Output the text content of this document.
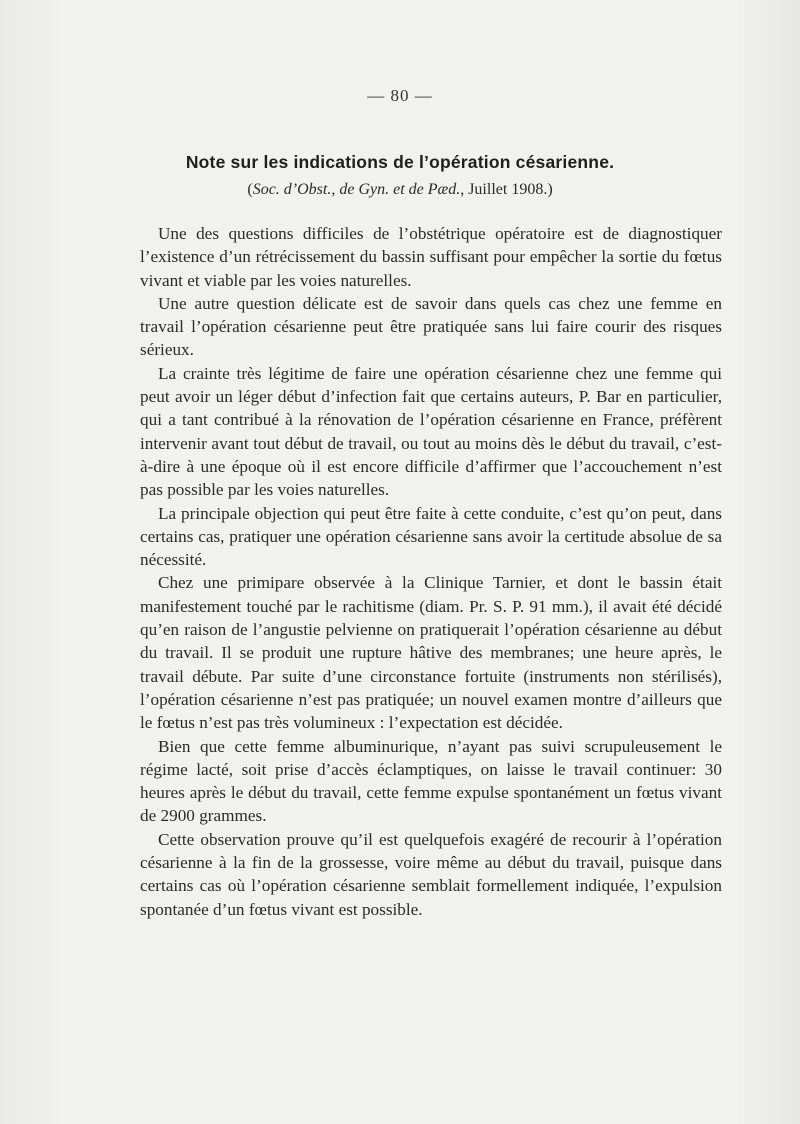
— 80 —
Note sur les indications de l’opération césarienne.
(Soc. d’Obst., de Gyn. et de Pæd., Juillet 1908.)

Une des questions difficiles de l’obstétrique opératoire est de diagnostiquer l’existence d’un rétrécissement du bassin suffisant pour empêcher la sortie du fœtus vivant et viable par les voies naturelles.

Une autre question délicate est de savoir dans quels cas chez une femme en travail l’opération césarienne peut être pratiquée sans lui faire courir des risques sérieux.

La crainte très légitime de faire une opération césarienne chez une femme qui peut avoir un léger début d’infection fait que certains auteurs, P. Bar en particulier, qui a tant contribué à la rénovation de l’opération césarienne en France, préfèrent intervenir avant tout début de travail, ou tout au moins dès le début du travail, c’est-à-dire à une époque où il est encore difficile d’affirmer que l’accouchement n’est pas possible par les voies naturelles.

La principale objection qui peut être faite à cette conduite, c’est qu’on peut, dans certains cas, pratiquer une opération césarienne sans avoir la certitude absolue de sa nécessité.

Chez une primipare observée à la Clinique Tarnier, et dont le bassin était manifestement touché par le rachitisme (diam. Pr. S. P. 91 mm.), il avait été décidé qu’en raison de l’angustie pelvienne on pratiquerait l’opération césarienne au début du travail. Il se produit une rupture hâtive des membranes; une heure après, le travail débute. Par suite d’une circonstance fortuite (instruments non stérilisés), l’opération césarienne n’est pas pratiquée; un nouvel examen montre d’ailleurs que le fœtus n’est pas très volumineux : l’expectation est décidée.

Bien que cette femme albuminurique, n’ayant pas suivi scrupuleusement le régime lacté, soit prise d’accès éclamptiques, on laisse le travail continuer: 30 heures après le début du travail, cette femme expulse spontanément un fœtus vivant de 2900 grammes.

Cette observation prouve qu’il est quelquefois exagéré de recourir à l’opération césarienne à la fin de la grossesse, voire même au début du travail, puisque dans certains cas où l’opération césarienne semblait formellement indiquée, l’expulsion spontanée d’un fœtus vivant est possible.
